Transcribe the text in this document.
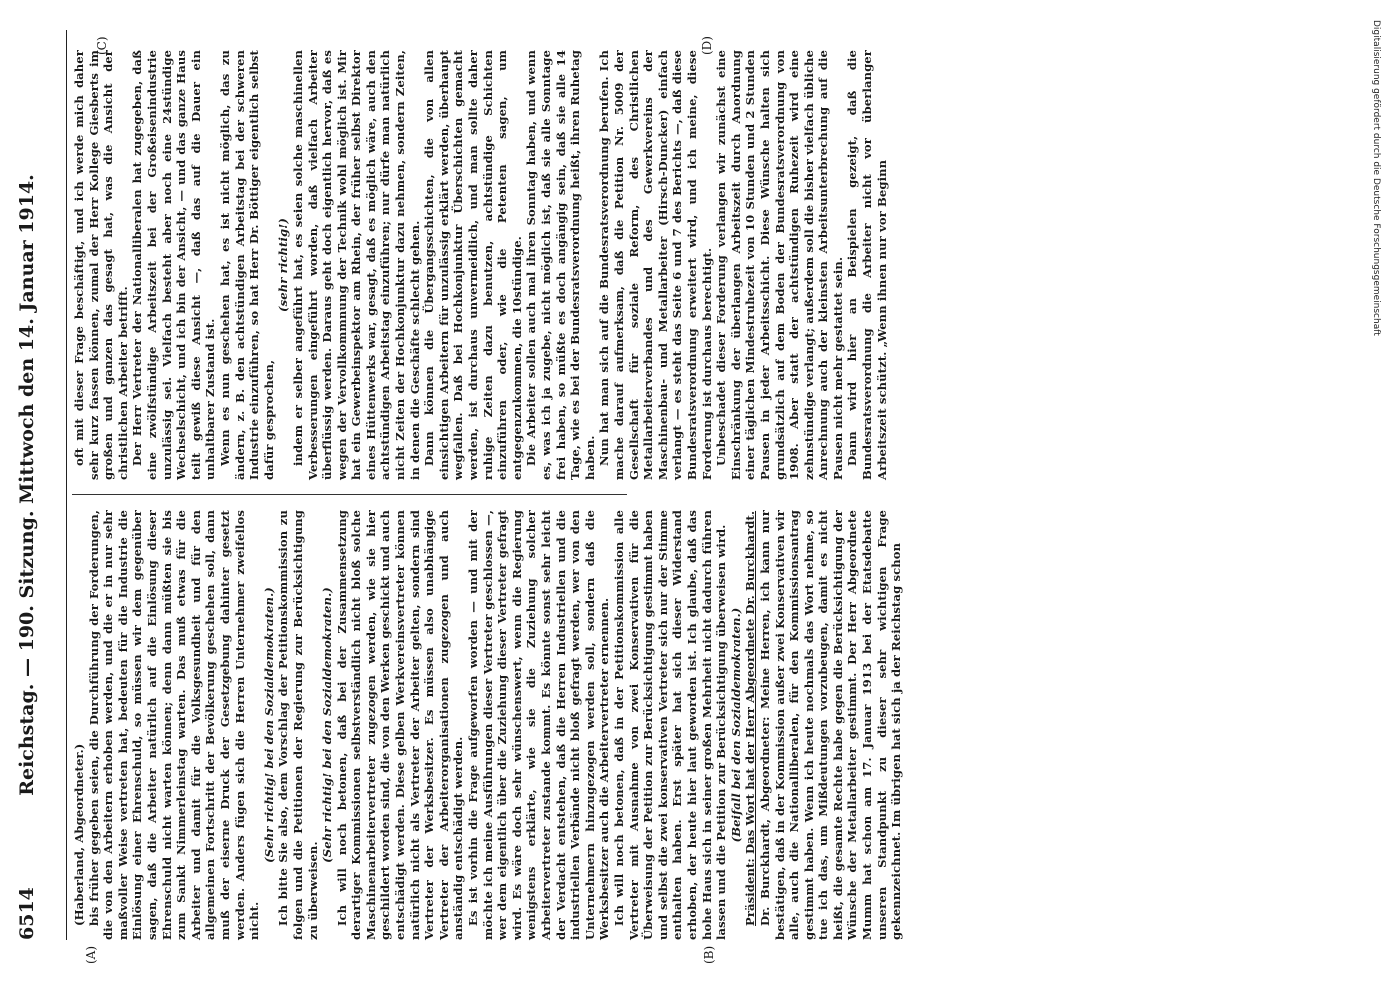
6514
Reichstag. — 190. Sitzung. Mittwoch den 14. Januar 1914.
(A)	(B)
(C)	(D)

(Haberland, Abgeordneter.) bis früher gegeben seien, die Durchführung der Forderungen, die von den Arbeitern erhoben werden, und die er in nur sehr maßvoller Weise vertreten hat, bedeuten für die Industrie die Einlösung einer Ehrenschuld, so müssen wir dem gegenüber sagen, daß die Arbeiter natürlich auf die Einlösung dieser Ehrenschuld nicht warten können; denn dann müßten sie bis zum Sankt Nimmerleinstag warten. Das muß etwas für die Arbeiter und damit für die Volksgesundheit und für den allgemeinen Fortschritt der Bevölkerung geschehen soll, dann muß der eiserne Druck der Gesetzgebung dahinter gesetzt werden. Anders fügen sich die Herren Unternehmer zweifellos nicht.

(Sehr richtig! bei den Sozialdemokraten.) Ich bitte Sie also, dem Vorschlag der Petitionskommission zu folgen und die Petitionen der Regierung zur Berücksichtigung zu überweisen.

(Sehr richtig! bei den Sozialdemokraten.) Ich will noch betonen, daß bei der Zusammensetzung derartiger Kommissionen selbstverständlich nicht bloß solche Maschinenarbeitervertreter zugezogen werden, wie sie hier geschildert worden sind, die von den Werken geschickt und auch entschädigt werden. Diese gelben Werkvereinsvertreter können natürlich nicht als Vertreter der Arbeiter gelten, sondern sind Vertreter der Werksbesitzer. Es müssen also unabhängige Vertreter der Arbeiterorganisationen zugezogen und auch anständig entschädigt werden. Es ist vorhin die Frage aufgeworfen worden — und mit der möchte ich meine Ausführungen dieser Vertreter geschlossen —, wer dem eigentlich über die Zuziehung dieser Vertreter gefragt wird. Es wäre doch sehr wünschenswert, wenn die Regierung wenigstens erklärte, wie sie die Zuziehung solcher Arbeitervertreter zustande kommt. Es könnte sonst sehr leicht der Verdacht entstehen, daß die Herren Industriellen und die industriellen Verbände nicht bloß gefragt werden, wer von den Unternehmern hinzugezogen werden soll, sondern daß die Werksbesitzer auch die Arbeitervertreter ernennen. Ich will noch betonen, daß in der Petitionskommission alle Vertreter mit Ausnahme von zwei Konservativen für die Überweisung der Petition zur Berücksichtigung gestimmt haben und selbst die zwei konservativen Vertreter sich nur der Stimme enthalten haben. Erst später hat sich dieser Widerstand erhoben, der heute hier laut geworden ist. Ich glaube, daß das hohe Haus sich in seiner großen Mehrheit nicht dadurch führen lassen und die Petition zur Berücksichtigung überweisen wird. (Beifall bei den Sozialdemokraten.) Präsident: Das Wort hat der Herr Abgeordnete Dr. Burckhardt. Dr. Burckhardt, Abgeordneter: Meine Herren, ich kann nur bestätigen, daß in der Kommission außer zwei Konservativen wir alle, auch die Nationalliberalen, für den Kommissionsantrag gestimmt haben. Wenn ich heute nochmals das Wort nehme, so tue ich das, um Mißdeutungen vorzubeugen, damit es nicht heißt, die gesamte Rechte habe gegen die Berücksichtigung der Wünsche der Metallarbeiter gestimmt. Der Herr Abgeordnete Mumm hat schon am 17. Januar 1913 bei der Etatsdebatte unseren Standpunkt zu dieser sehr wichtigen Frage gekennzeichnet. Im übrigen hat sich ja der Reichstag schon

oft mit dieser Frage beschäftigt, und ich werde mich daher sehr kurz fassen können, zumal der Herr Kollege Giesberts im großen und ganzen das gesagt hat, was die Ansicht der christlichen Arbeiter betrifft. Der Herr Vertreter der Nationalliberalen hat zugegeben, daß eine zwölfstündige Arbeitszeit bei der Großeisenindustrie unzulässig sei. Vielfach besteht aber noch eine 24stündige Wechselschicht, und ich bin der Ansicht, — und das ganze Haus teilt gewiß diese Ansicht —, daß das auf die Dauer ein unhaltbarer Zustand ist. Wenn es nun geschehen hat, es ist nicht möglich, das zu ändern, z. B. den achtstündigen Arbeitstag bei der schweren Industrie einzuführen, so hat Herr Dr. Böttiger eigentlich selbst dafür gesprochen,

(sehr richtig!) indem er selber angeführt hat, es seien solche maschinellen Verbesserungen eingeführt worden, daß vielfach Arbeiter überflüssig werden. Daraus geht doch eigentlich hervor, daß es wegen der Vervollkommnung der Technik wohl möglich ist. Mir hat ein Gewerbeinspektor am Rhein, der früher selbst Direktor eines Hüttenwerks war, gesagt, daß es möglich wäre, auch den achtstündigen Arbeitstag einzuführen; nur dürfe man natürlich nicht Zeiten der Hochkonjunktur dazu nehmen, sondern Zeiten, in denen die Geschäfte schlecht gehen. Dann können die Übergangsschichten, die von allen einsichtigen Arbeitern für unzulässig erklärt werden, überhaupt wegfallen. Daß bei Hochkonjunktur Überschichten gemacht werden, ist durchaus unvermeidlich, und man sollte daher ruhige Zeiten dazu benutzen, achtstündige Schichten einzuführen oder, wie die Petenten sagen, um entgegenzukommen, die 10stündige. Die Arbeiter sollen auch mal ihren Sonntag haben, und wenn es, was ich ja zugebe, nicht möglich ist, daß sie alle Sonntage frei haben, so müßte es doch angängig sein, daß sie alle 14 Tage, wie es bei der Bundesratsverordnung heißt, ihren Ruhetag haben. Nun hat man sich auf die Bundesratsverordnung berufen. Ich mache darauf aufmerksam, daß die Petition Nr. 5009 der Gesellschaft für soziale Reform, des Christlichen Metallarbeiterverbandes und des Gewerkvereins der Maschinenbau- und Metallarbeiter (Hirsch-Duncker) einfach verlangt — es steht das Seite 6 und 7 des Berichts —, daß diese Bundesratsverordnung erweitert wird, und ich meine, diese Forderung ist durchaus berechtigt. Unbeschadet dieser Forderung verlangen wir zunächst eine Einschränkung der überlangen Arbeitszeit durch Anordnung einer täglichen Mindestruhezeit von 10 Stunden und 2 Stunden Pausen in jeder Arbeitsschicht. Diese Wünsche halten sich grundsätzlich auf dem Boden der Bundesratsverordnung von 1908. Aber statt der achtstündigen Ruhezeit wird eine zehnstündige verlangt; außerdem soll die bisher vielfach übliche Anrechnung auch der kleinsten Arbeitsunterbrechung auf die Pausen nicht mehr gestattet sein. Dann wird hier an Beispielen gezeigt, daß die Bundesratsverordnung die Arbeiter nicht vor überlanger Arbeitszeit schützt. „Wenn ihnen nur vor Beginn	Digitalisierung gefördert durch die Deutsche Forschungsgemeinschaft
